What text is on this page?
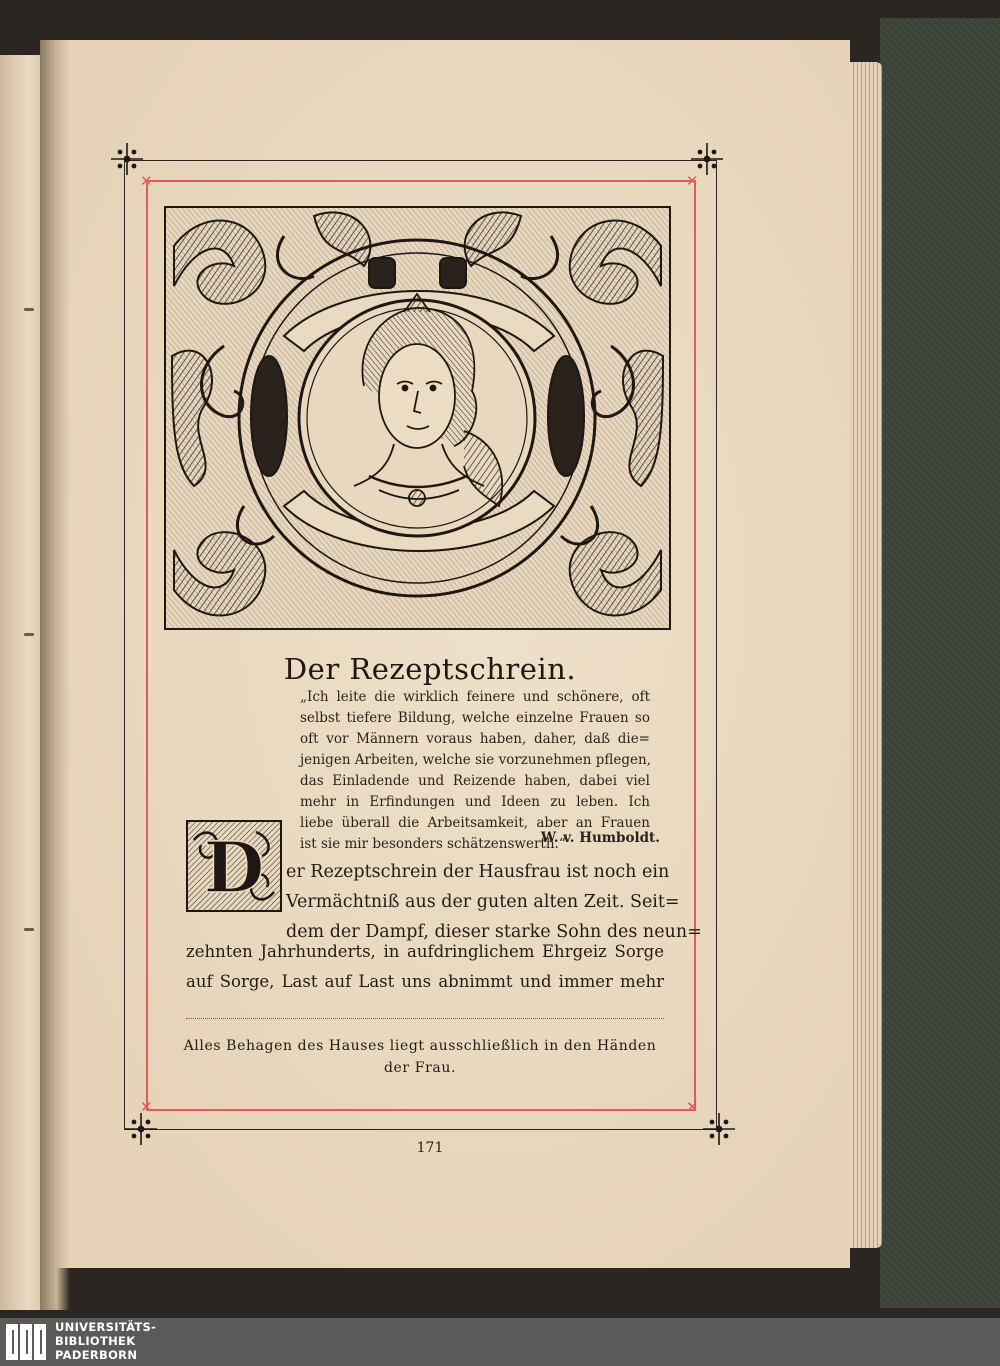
✕	✕
✕	✕
Der Rezeptschrein.
„Ich leite die wirklich feinere und schönere, oft
selbst tiefere Bildung, welche einzelne Frauen so
oft vor Männern voraus haben, daher, daß die=
jenigen Arbeiten, welche sie vorzunehmen pflegen,
das Einladende und Reizende haben, dabei viel
mehr in Erfindungen und Ideen zu leben. Ich
liebe überall die Arbeitsamkeit, aber an Frauen
ist sie mir besonders schätzenswerth.“
W. v. Humboldt.
D er Rezeptschrein der Hausfrau ist noch ein
Vermächtniß aus der guten alten Zeit. Seit=
dem der Dampf, dieser starke Sohn des neun=
zehnten Jahrhunderts, in aufdringlichem Ehrgeiz Sorge
auf Sorge, Last auf Last uns abnimmt und immer mehr
Alles Behagen des Hauses liegt ausschließlich in den Händen
der Frau.
171
UNIVERSITÄTS-
BIBLIOTHEK
PADERBORN
